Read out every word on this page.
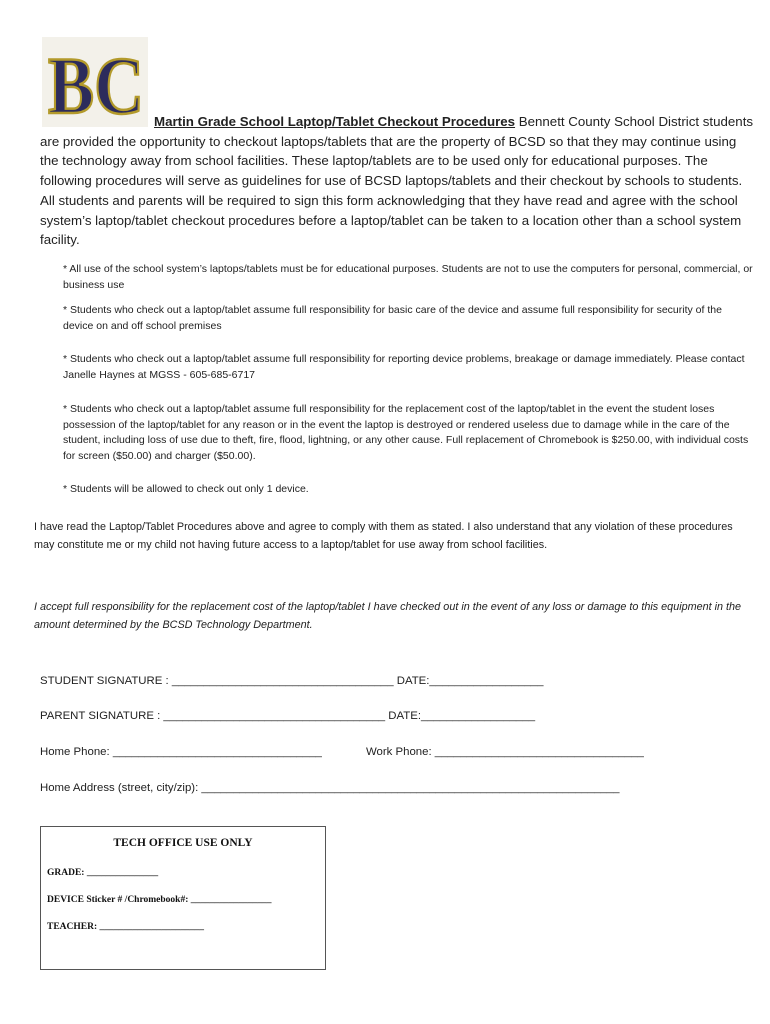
BC Martin Grade School Laptop/Tablet Checkout Procedures Bennett County School District students are provided the opportunity to checkout laptops/tablets that are the property of BCSD so that they may continue using the technology away from school facilities. These laptop/tablets are to be used only for educational purposes. The following procedures will serve as guidelines for use of BCSD laptops/tablets and their checkout by schools to students. All students and parents will be required to sign this form acknowledging that they have read and agree with the school system’s laptop/tablet checkout procedures before a laptop/tablet can be taken to a location other than a school system facility.

* All use of the school system’s laptops/tablets must be for educational purposes. Students are not to use the computers for personal, commercial, or business use

* Students who check out a laptop/tablet assume full responsibility for basic care of the device and assume full responsibility for security of the device on and off school premises

* Students who check out a laptop/tablet assume full responsibility for reporting device problems, breakage or damage immediately. Please contact Janelle Haynes at MGSS - 605-685-6717

* Students who check out a laptop/tablet assume full responsibility for the replacement cost of the laptop/tablet in the event the student loses possession of the laptop/tablet for any reason or in the event the laptop is destroyed or rendered useless due to damage while in the care of the student, including loss of use due to theft, fire, flood, lightning, or any other cause. Full replacement of Chromebook is $250.00, with individual costs for screen ($50.00) and charger ($50.00).

* Students will be allowed to check out only 1 device.

I have read the Laptop/Tablet Procedures above and agree to comply with them as stated. I also understand that any violation of these procedures may constitute me or my child not having future access to a laptop/tablet for use away from school facilities.

I accept full responsibility for the replacement cost of the laptop/tablet I have checked out in the event of any loss or damage to this equipment in the amount determined by the BCSD Technology Department.

STUDENT SIGNATURE : ___________________________________ DATE:__________________

PARENT SIGNATURE : ___________________________________ DATE:__________________

Home Phone: _________________________________	Work Phone: _________________________________

Home Address (street, city/zip): __________________________________________________________________

TECH OFFICE USE ONLY
GRADE: _______________
DEVICE Sticker # /Chromebook#: _________________
TEACHER: ______________________
